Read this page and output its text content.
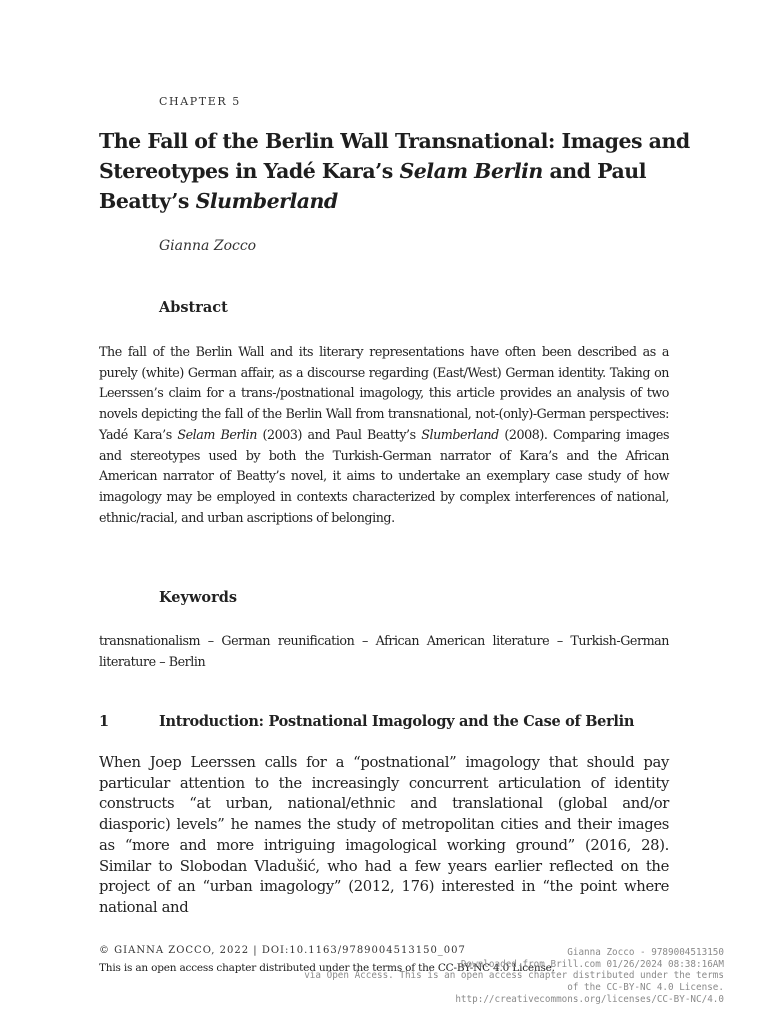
CHAPTER 5
The Fall of the Berlin Wall Transnational: Images and Stereotypes in Yadé Kara’s Selam Berlin and Paul Beatty’s Slumberland
Gianna Zocco
Abstract

The fall of the Berlin Wall and its literary representations have often been described as a purely (white) German affair, as a discourse regarding (East/West) German identity. Taking on Leerssen’s claim for a trans-/postnational imagology, this article provides an analysis of two novels depicting the fall of the Berlin Wall from transnational, not-(only)-German perspectives: Yadé Kara’s Selam Berlin (2003) and Paul Beatty’s Slumberland (2008). Comparing images and stereotypes used by both the Turkish-German narrator of Kara’s and the African American narrator of Beatty’s novel, it aims to undertake an exemplary case study of how imagology may be employed in contexts characterized by complex interferences of national, ethnic/racial, and urban ascriptions of belonging.

Keywords

transnationalism – German reunification – African American literature – Turkish-German literature – Berlin

1	Introduction: Postnational Imagology and the Case of Berlin

When Joep Leerssen calls for a “postnational” imagology that should pay particular attention to the increasingly concurrent articulation of identity constructs “at urban, national/ethnic and translational (global and/or diasporic) levels” he names the study of metropolitan cities and their images as “more and more intriguing imagological working ground” (2016, 28). Similar to Slobodan Vladušić, who had a few years earlier reflected on the project of an “urban imagology” (2012, 176) interested in “the point where national and

© GIANNA ZOCCO, 2022 | DOI:10.1163/9789004513150_007
This is an open access chapter distributed under the terms of the CC-BY-NC 4.0 License.
Gianna Zocco - 9789004513150
Downloaded from Brill.com 01/26/2024 08:38:16AM
via Open Access. This is an open access chapter distributed under the terms
of the CC-BY-NC 4.0 License.
http://creativecommons.org/licenses/CC-BY-NC/4.0
